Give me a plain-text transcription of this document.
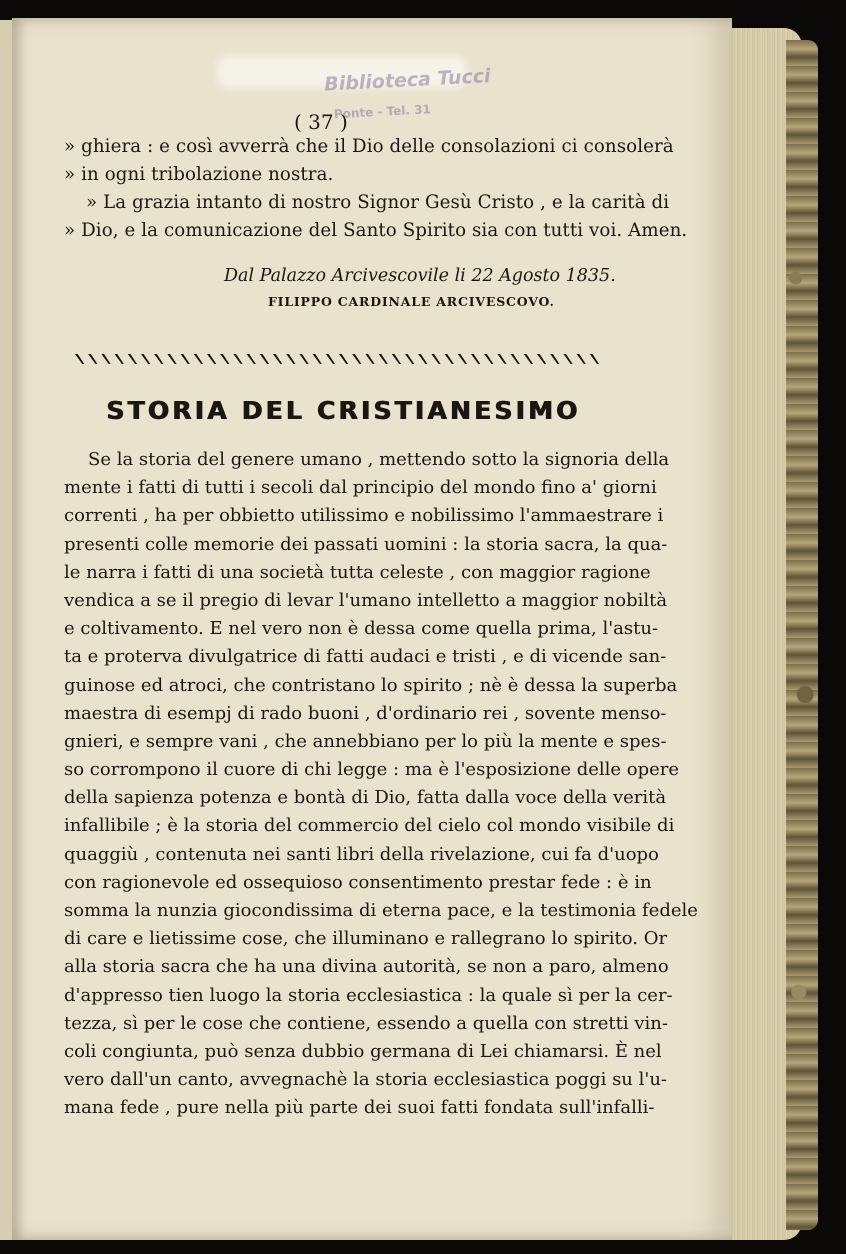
Biblioteca Tucci
Ponte - Tel. 31
( 37 )
» ghiera : e così avverrà che il Dio delle consolazioni ci consolerà
» in ogni tribolazione nostra.
» La grazia intanto di nostro Signor Gesù Cristo , e la carità di
» Dio, e la comunicazione del Santo Spirito sia con tutti voi. Amen.
Dal Palazzo Arcivescovile li 22 Agosto 1835.
FILIPPO CARDINALE ARCIVESCOVO.
STORIA DEL CRISTIANESIMO
Se la storia del genere umano , mettendo sotto la signoria della
mente i fatti di tutti i secoli dal principio del mondo fino a' giorni
correnti , ha per obbietto utilissimo e nobilissimo l'ammaestrare i
presenti colle memorie dei passati uomini : la storia sacra, la qua-
le narra i fatti di una società tutta celeste , con maggior ragione
vendica a se il pregio di levar l'umano intelletto a maggior nobiltà
e coltivamento. E nel vero non è dessa come quella prima, l'astu-
ta e proterva divulgatrice di fatti audaci e tristi , e di vicende san-
guinose ed atroci, che contristano lo spirito ; nè è dessa la superba
maestra di esempj di rado buoni , d'ordinario rei , sovente menso-
gnieri, e sempre vani , che annebbiano per lo più la mente e spes-
so corrompono il cuore di chi legge : ma è l'esposizione delle opere
della sapienza potenza e bontà di Dio, fatta dalla voce della verità
infallibile ; è la storia del commercio del cielo col mondo visibile di
quaggiù , contenuta nei santi libri della rivelazione, cui fa d'uopo
con ragionevole ed ossequioso consentimento prestar fede : è in
somma la nunzia giocondissima di eterna pace, e la testimonia fedele
di care e lietissime cose, che illuminano e rallegrano lo spirito. Or
alla storia sacra che ha una divina autorità, se non a paro, almeno
d'appresso tien luogo la storia ecclesiastica : la quale sì per la cer-
tezza, sì per le cose che contiene, essendo a quella con stretti vin-
coli congiunta, può senza dubbio germana di Lei chiamarsi. È nel
vero dall'un canto, avvegnachè la storia ecclesiastica poggi su l'u-
mana fede , pure nella più parte dei suoi fatti fondata sull'infalli-
